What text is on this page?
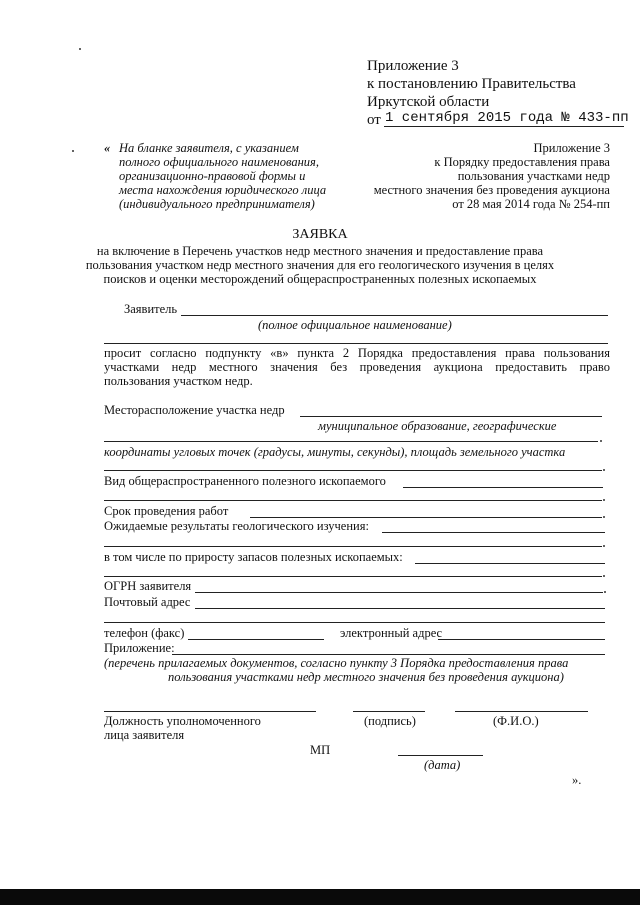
Приложение 3
к постановлению Правительства
Иркутской области
от 1 сентября 2015 года № 433-пп
« На бланке заявителя, с указанием
полного официального наименования,
организационно-правовой формы и
места нахождения юридического лица
(индивидуального предпринимателя)
Приложение 3
к Порядку предоставления права
пользования участками недр
местного значения без проведения аукциона
от 28 мая 2014 года № 254-пп
ЗАЯВКА
на включение в Перечень участков недр местного значения и предоставление права
пользования участком недр местного значения для его геологического изучения в целях
поисков и оценки месторождений общераспространенных полезных ископаемых
Заявитель
(полное официальное наименование)
просит согласно подпункту «в» пункта 2 Порядка предоставления права пользования
участками недр местного значения без проведения аукциона предоставить право
пользования участком недр.
Месторасположение участка недр
муниципальное образование, географические
координаты угловых точек (градусы, минуты, секунды), площадь земельного участка
Вид общераспространенного полезного ископаемого
Срок проведения работ
Ожидаемые результаты геологического изучения:
в том числе по приросту запасов полезных ископаемых:
ОГРН заявителя
Почтовый адрес
телефон (факс)	электронный адрес
Приложение:
(перечень прилагаемых документов, согласно пункту 3 Порядка предоставления права
пользования участками недр местного значения без проведения аукциона)
Должность уполномоченного
лица заявителя
(подпись)	(Ф.И.О.)
МП
(дата)
».
